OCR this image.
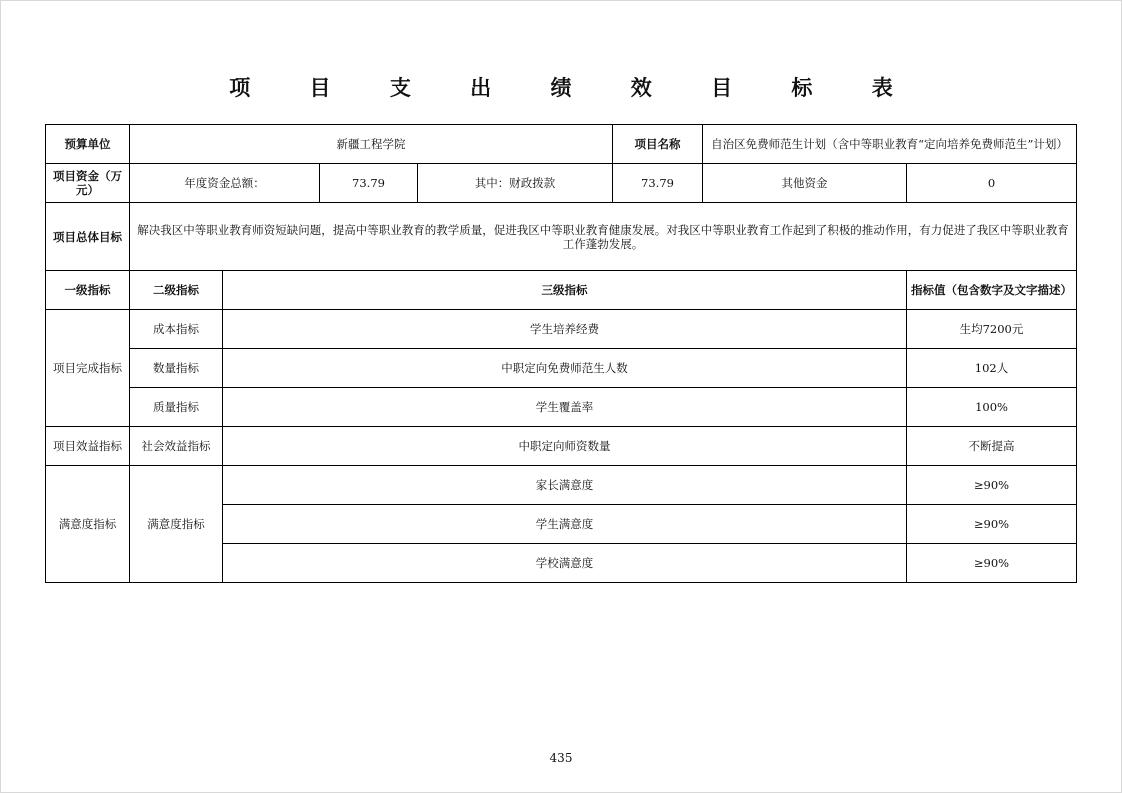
项 目 支 出 绩 效 目 标 表
预算单位	新疆工程学院				项目名称	自治区免费师范生计划（含中等职业教育“定向培养免费师范生”计划）	
项目资金（万元）	年度资金总额：		73.79	其中：财政拨款	73.79	其他资金	0
项目总体目标	解决我区中等职业教育师资短缺问题，提高中等职业教育的教学质量，促进我区中等职业教育健康发展。对我区中等职业教育工作起到了积极的推动作用，有力促进了我区中等职业教育工作蓬勃发展。						
一级指标	二级指标	三级指标					指标值（包含数字及文字描述）
项目完成指标	成本指标	学生培养经费					生均7200元
	数量指标	中职定向免费师范生人数					102人
	质量指标	学生覆盖率					100%
项目效益指标	社会效益指标	中职定向师资数量					不断提高
满意度指标	满意度指标	家长满意度					≥90%
		学生满意度					≥90%
		学校满意度					≥90%
435
